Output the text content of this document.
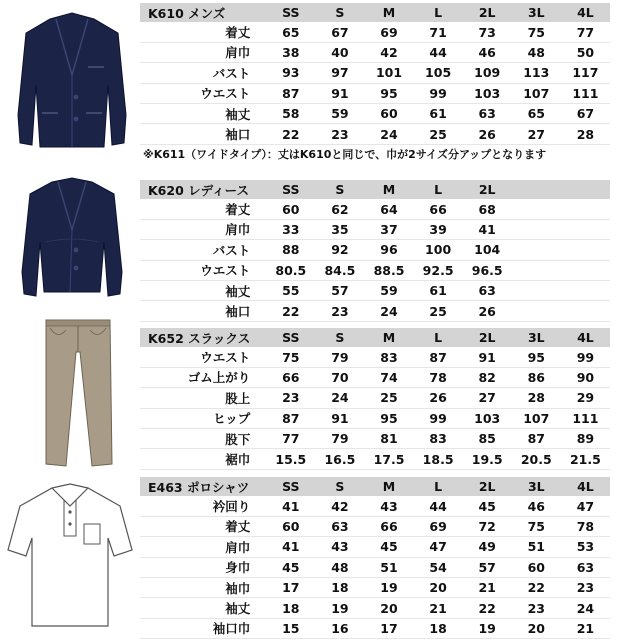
K610 メンズ	SS	S	M	L	2L	3L	4L
着丈	65	67	69	71	73	75	77
肩巾	38	40	42	44	46	48	50
バスト	93	97	101	105	109	113	117
ウエスト	87	91	95	99	103	107	111
袖丈	58	59	60	61	63	65	67
袖口	22	23	24	25	26	27	28
※K611（ワイドタイプ）：丈はK610と同じで、巾が2サイズ分アップとなります
K620 レディース	SS	S	M	L	2L		
着丈	60	62	64	66	68		
肩巾	33	35	37	39	41		
バスト	88	92	96	100	104		
ウエスト	80.5	84.5	88.5	92.5	96.5		
袖丈	55	57	59	61	63		
袖口	22	23	24	25	26		
K652 スラックス	SS	S	M	L	2L	3L	4L
ウエスト	75	79	83	87	91	95	99
ゴム上がり	66	70	74	78	82	86	90
股上	23	24	25	26	27	28	29
ヒップ	87	91	95	99	103	107	111
股下	77	79	81	83	85	87	89
裾巾	15.5	16.5	17.5	18.5	19.5	20.5	21.5
E463 ポロシャツ	SS	S	M	L	2L	3L	4L
衿回り	41	42	43	44	45	46	47
着丈	60	63	66	69	72	75	78
肩巾	41	43	45	47	49	51	53
身巾	45	48	51	54	57	60	63
袖巾	17	18	19	20	21	22	23
袖丈	18	19	20	21	22	23	24
袖口巾	15	16	17	18	19	20	21
